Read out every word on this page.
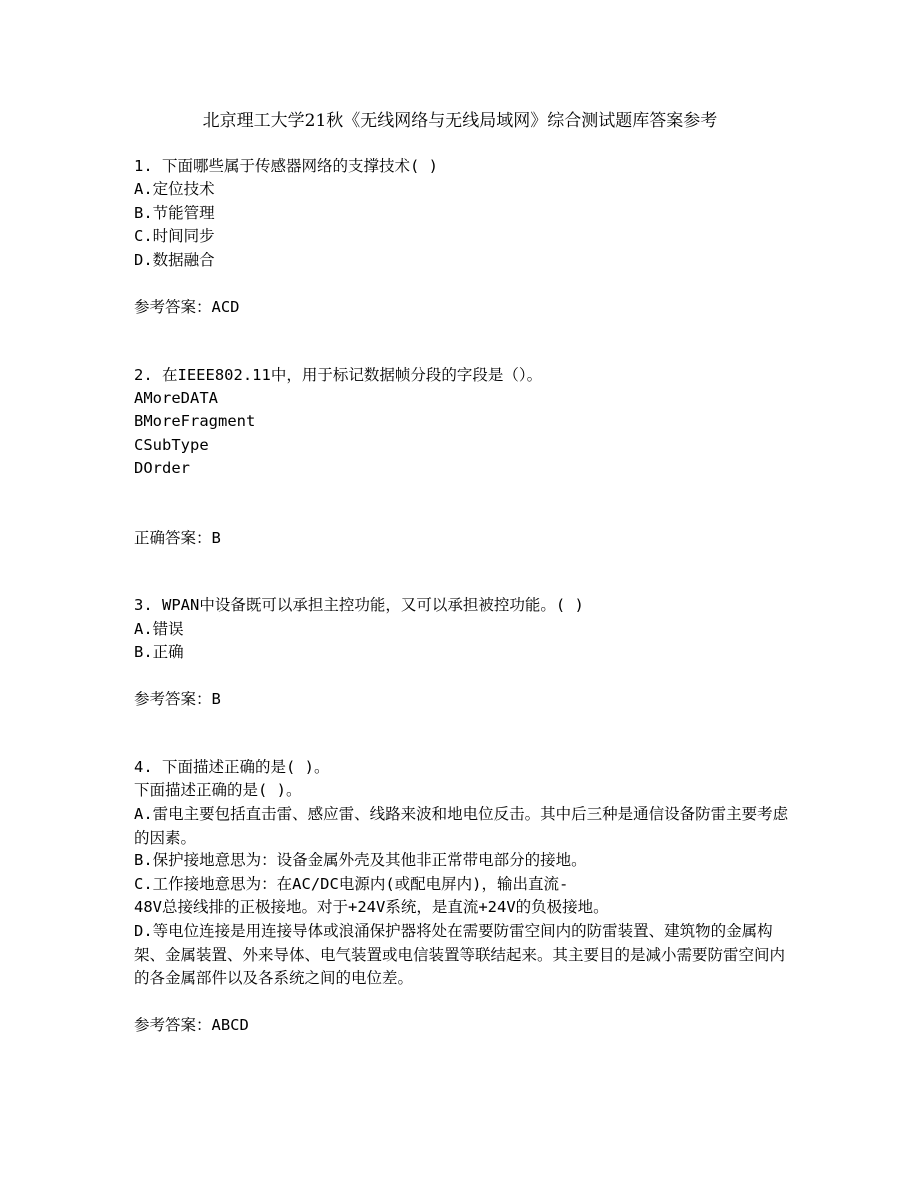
北京理工大学21秋《无线网络与无线局域网》综合测试题库答案参考
1. 下面哪些属于传感器网络的支撑技术( )
A.定位技术
B.节能管理
C.时间同步
D.数据融合
参考答案：ACD
2. 在IEEE802.11中，用于标记数据帧分段的字段是（）。
AMoreDATA
BMoreFragment
CSubType
DOrder
正确答案：B
3. WPAN中设备既可以承担主控功能，又可以承担被控功能。( )
A.错误
B.正确
参考答案：B
4. 下面描述正确的是( )。
下面描述正确的是( )。
A.雷电主要包括直击雷、感应雷、线路来波和地电位反击。其中后三种是通信设备防雷主要考虑的因素。
B.保护接地意思为：设备金属外壳及其他非正常带电部分的接地。
C.工作接地意思为：在AC/DC电源内(或配电屏内)，输出直流-
48V总接线排的正极接地。对于+24V系统，是直流+24V的负极接地。
D.等电位连接是用连接导体或浪涌保护器将处在需要防雷空间内的防雷装置、建筑物的金属构架、金属装置、外来导体、电气装置或电信装置等联结起来。其主要目的是减小需要防雷空间内的各金属部件以及各系统之间的电位差。
参考答案：ABCD
